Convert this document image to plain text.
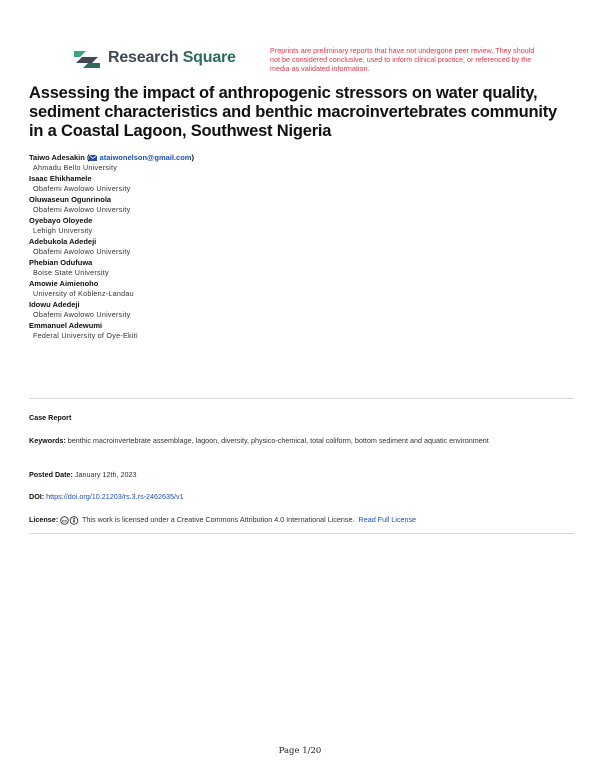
Research Square	Preprints are preliminary reports that have not undergone peer review. They should not be considered conclusive, used to inform clinical practice, or referenced by the media as validated information.
Assessing the impact of anthropogenic stressors on water quality, sediment characteristics and benthic macroinvertebrates community in a Coastal Lagoon, Southwest Nigeria
Taiwo Adesakin ( ataiwonelson@gmail.com)
Ahmadu Bello University
Isaac Ehikhamele
Obafemi Awolowo University
Oluwaseun Ogunrinola
Obafemi Awolowo University
Oyebayo Oloyede
Lehigh University
Adebukola Adedeji
Obafemi Awolowo University
Phebian Odufuwa
Boise State University
Amowie Aimienoho
University of Koblenz-Landau
Idowu Adedeji
Obafemi Awolowo University
Emmanuel Adewumi
Federal University of Oye-Ekiti
Case Report
Keywords: benthic macroinvertebrate assemblage, lagoon, diversity, physico-chemical, total coliform, bottom sediment and aquatic environment
Posted Date: January 12th, 2023
DOI: https://doi.org/10.21203/rs.3.rs-2462635/v1
License: cc This work is licensed under a Creative Commons Attribution 4.0 International License. Read Full License
Page 1/20
